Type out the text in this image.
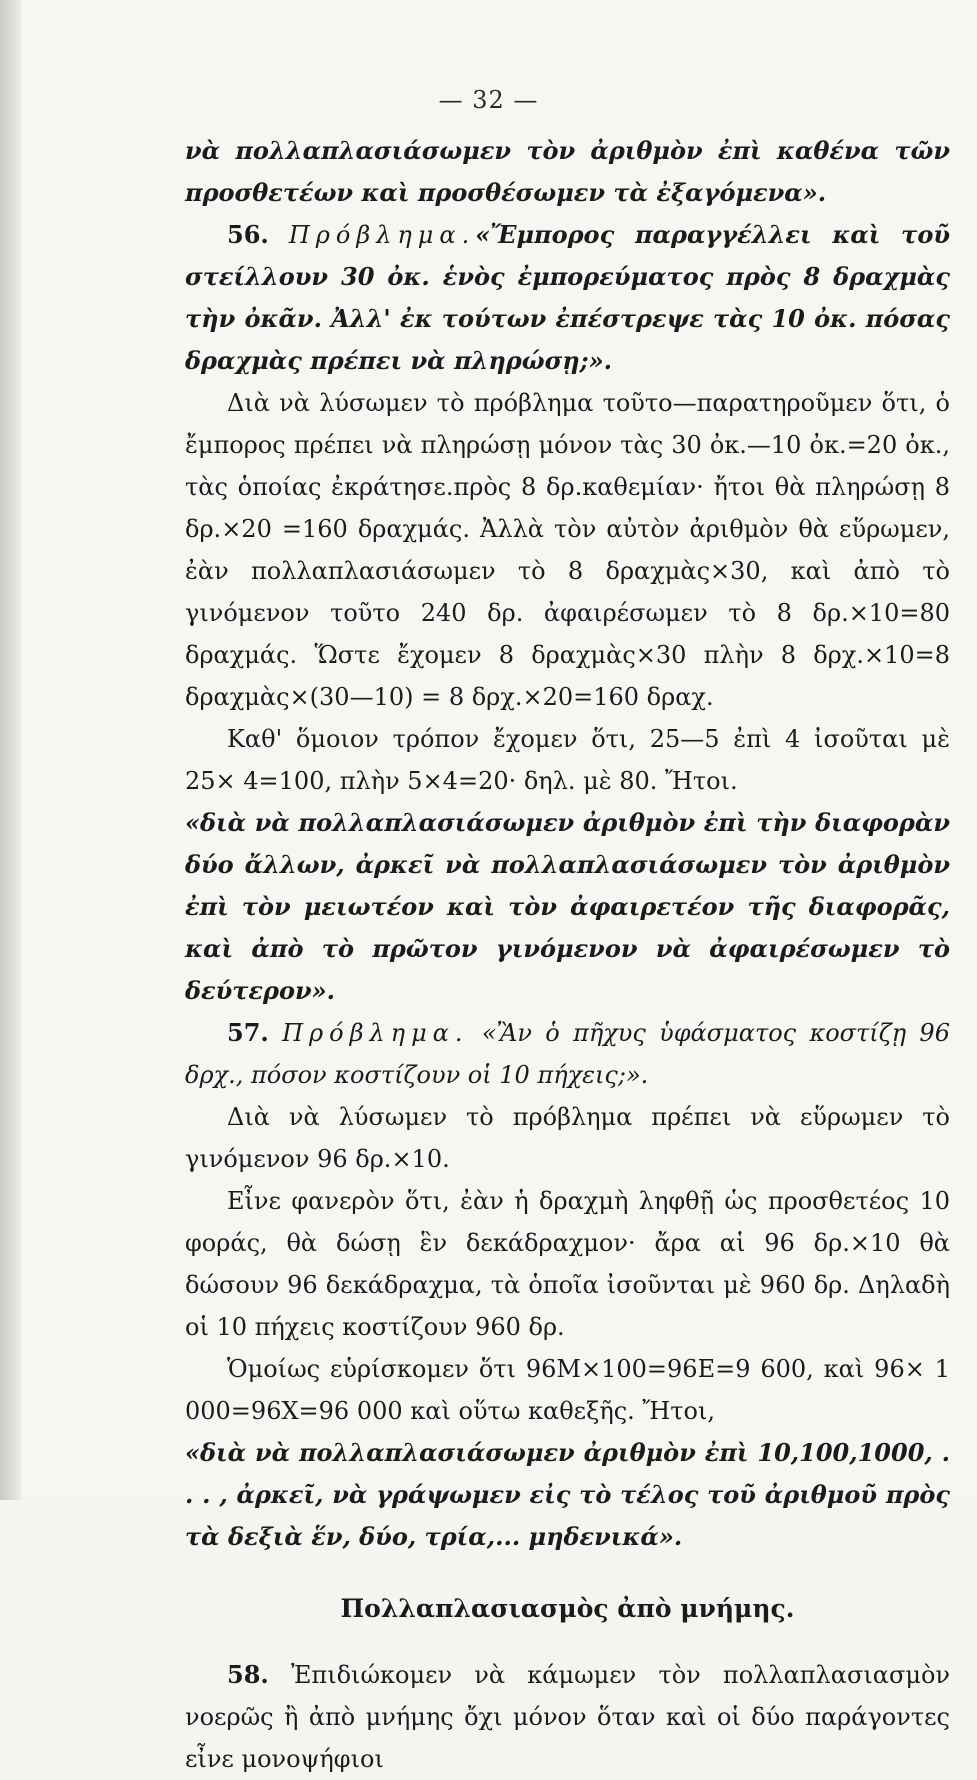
— 32 —

νὰ πολλαπλασιάσωμεν τὸν ἀριθμὸν ἐπὶ καθένα τῶν προσθετέων καὶ προσθέσωμεν τὰ ἐξαγόμενα».

56. Πρόβλημα.«Ἔμπορος παραγγέλλει καὶ τοῦ στείλλουν 30 ὀκ. ἑνὸς ἐμπορεύματος πρὸς 8 δραχμὰς τὴν ὀκᾶν. Ἀλλ' ἐκ τούτων ἐπέστρεψε τὰς 10 ὀκ. πόσας δραχμὰς πρέπει νὰ πληρώσῃ;».

Διὰ νὰ λύσωμεν τὸ πρόβλημα τοῦτο—παρατηροῦμεν ὅτι, ὁ ἔμπορος πρέπει νὰ πληρώσῃ μόνον τὰς 30 ὀκ.—10 ὀκ.=20 ὀκ., τὰς ὁποίας ἐκράτησε.πρὸς 8 δρ.καθεμίαν· ἤτοι θὰ πληρώσῃ 8 δρ.×20 =160 δραχμάς. Ἀλλὰ τὸν αὐτὸν ἀριθμὸν θὰ εὕρωμεν, ἐὰν πολλαπλασιάσωμεν τὸ 8 δραχμὰς×30, καὶ ἀπὸ τὸ γινόμενον τοῦτο 240 δρ. ἀφαιρέσωμεν τὸ 8 δρ.×10=80 δραχμάς. Ὥστε ἔχομεν 8 δραχμὰς×30 πλὴν 8 δρχ.×10=8 δραχμὰς×(30—10) = 8 δρχ.×20=160 δραχ.

Καθ' ὅμοιον τρόπον ἔχομεν ὅτι, 25—5 ἐπὶ 4 ἰσοῦται μὲ 25× 4=100, πλὴν 5×4=20· δηλ. μὲ 80. Ἤτοι.

«διὰ νὰ πολλαπλασιάσωμεν ἀριθμὸν ἐπὶ τὴν διαφορὰν δύο ἄλλων, ἀρκεῖ νὰ πολλαπλασιάσωμεν τὸν ἀριθμὸν ἐπὶ τὸν μειωτέον καὶ τὸν ἀφαιρετέον τῆς διαφορᾶς, καὶ ἀπὸ τὸ πρῶτον γινόμενον νὰ ἀφαιρέσωμεν τὸ δεύτερον».

57. Πρόβλημα. «Ἂν ὁ πῆχυς ὑφάσματος κοστίζῃ 96 δρχ., πόσον κοστίζουν οἱ 10 πήχεις;».

Διὰ νὰ λύσωμεν τὸ πρόβλημα πρέπει νὰ εὕρωμεν τὸ γινόμενον 96 δρ.×10.

Εἶνε φανερὸν ὅτι, ἐὰν ἡ δραχμὴ ληφθῇ ὡς προσθετέος 10 φοράς, θὰ δώσῃ ἓν δεκάδραχμον· ἄρα αἱ 96 δρ.×10 θὰ δώσουν 96 δεκάδραχμα, τὰ ὁποῖα ἰσοῦνται μὲ 960 δρ. Δηλαδὴ οἱ 10 πήχεις κοστίζουν 960 δρ.

Ὁμοίως εὑρίσκομεν ὅτι 96Μ×100=96Ε=9 600, καὶ 96× 1 000=96Χ=96 000 καὶ οὕτω καθεξῆς. Ἤτοι,

«διὰ νὰ πολλαπλασιάσωμεν ἀριθμὸν ἐπὶ 10,100,1000, . . . , ἀρκεῖ, νὰ γράψωμεν εἰς τὸ τέλος τοῦ ἀριθμοῦ πρὸς τὰ δεξιὰ ἕν, δύο, τρία,... μηδενικά».

Πολλαπλασιασμὸς ἀπὸ μνήμης.

58. Ἐπιδιώκομεν νὰ κάμωμεν τὸν πολλαπλασιασμὸν νοερῶς ἢ ἀπὸ μνήμης ὄχι μόνον ὅταν καὶ οἱ δύο παράγοντες εἶνε μονοψήφιοι
